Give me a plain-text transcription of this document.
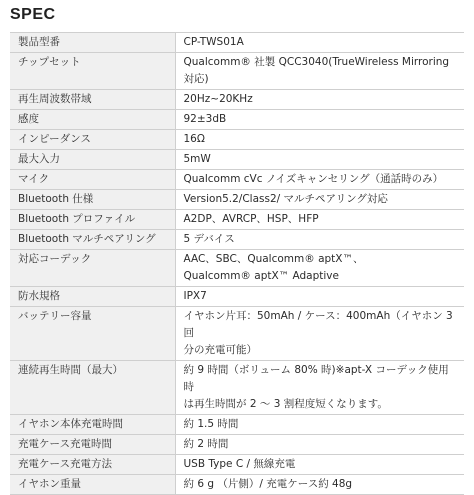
SPEC
製品型番	CP-TWS01A
チップセット	Qualcomm® 社製 QCC3040(TrueWireless Mirroring 対応)
再生周波数帯域	20Hz~20KHz
感度	92±3dB
インピーダンス	16Ω
最大入力	5mW
マイク	Qualcomm cVc ノイズキャンセリング（通話時のみ）
Bluetooth 仕様	Version5.2/Class2/ マルチペアリング対応
Bluetooth プロファイル	A2DP、AVRCP、HSP、HFP
Bluetooth マルチペアリング	5 デバイス
対応コーデック	AAC、SBC、Qualcomm® aptX™、
Qualcomm® aptX™ Adaptive
防水規格	IPX7
バッテリー容量	イヤホン片耳：50mAh / ケース：400mAh（イヤホン 3 回
分の充電可能）
連続再生時間（最大）	約 9 時間（ボリューム 80% 時)※apt-X コーデック使用時
は再生時間が 2 ～ 3 割程度短くなります。
イヤホン本体充電時間	約 1.5 時間
充電ケース充電時間	約 2 時間
充電ケース充電方法	USB Type C / 無線充電
イヤホン重量	約 6 g （片側）/ 充電ケース約 48g
